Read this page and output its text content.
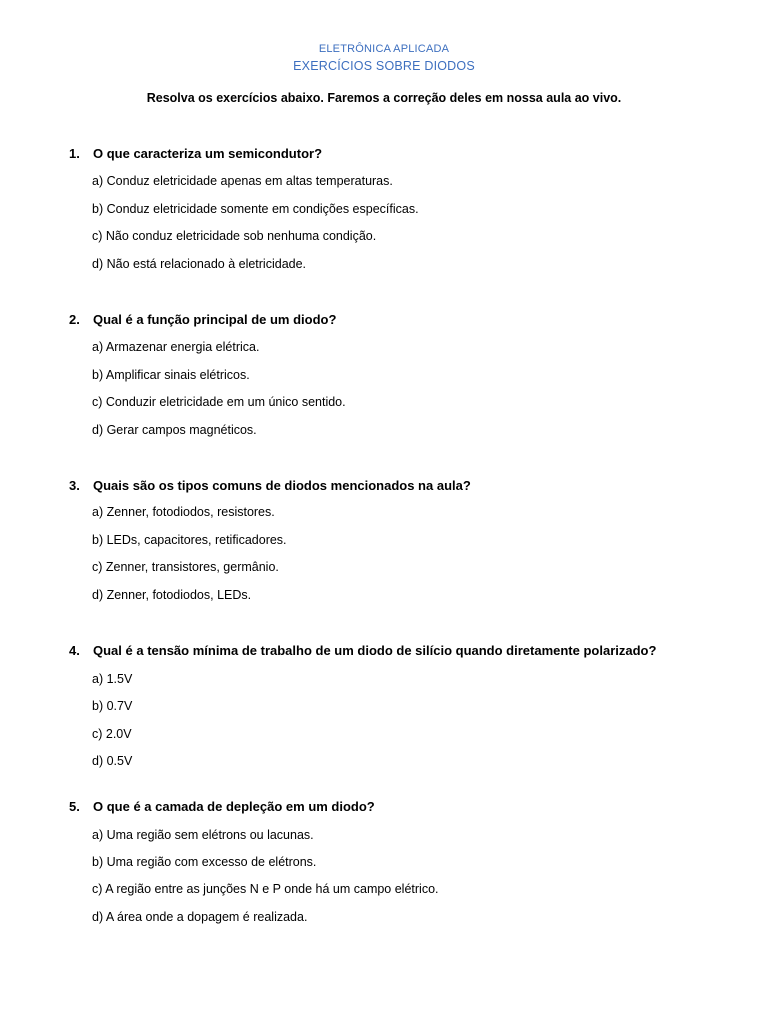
ELETRÔNICA APLICADA
EXERCÍCIOS SOBRE DIODOS
Resolva os exercícios abaixo. Faremos a correção deles em nossa aula ao vivo.
1. O que caracteriza um semicondutor?
a) Conduz eletricidade apenas em altas temperaturas.
b) Conduz eletricidade somente em condições específicas.
c) Não conduz eletricidade sob nenhuma condição.
d) Não está relacionado à eletricidade.
2. Qual é a função principal de um diodo?
a) Armazenar energia elétrica.
b) Amplificar sinais elétricos.
c) Conduzir eletricidade em um único sentido.
d) Gerar campos magnéticos.
3. Quais são os tipos comuns de diodos mencionados na aula?
a) Zenner, fotodiodos, resistores.
b) LEDs, capacitores, retificadores.
c) Zenner, transistores, germânio.
d) Zenner, fotodiodos, LEDs.
4. Qual é a tensão mínima de trabalho de um diodo de silício quando diretamente polarizado?
a) 1.5V
b) 0.7V
c) 2.0V
d) 0.5V
5. O que é a camada de depleção em um diodo?
a) Uma região sem elétrons ou lacunas.
b) Uma região com excesso de elétrons.
c) A região entre as junções N e P onde há um campo elétrico.
d) A área onde a dopagem é realizada.
